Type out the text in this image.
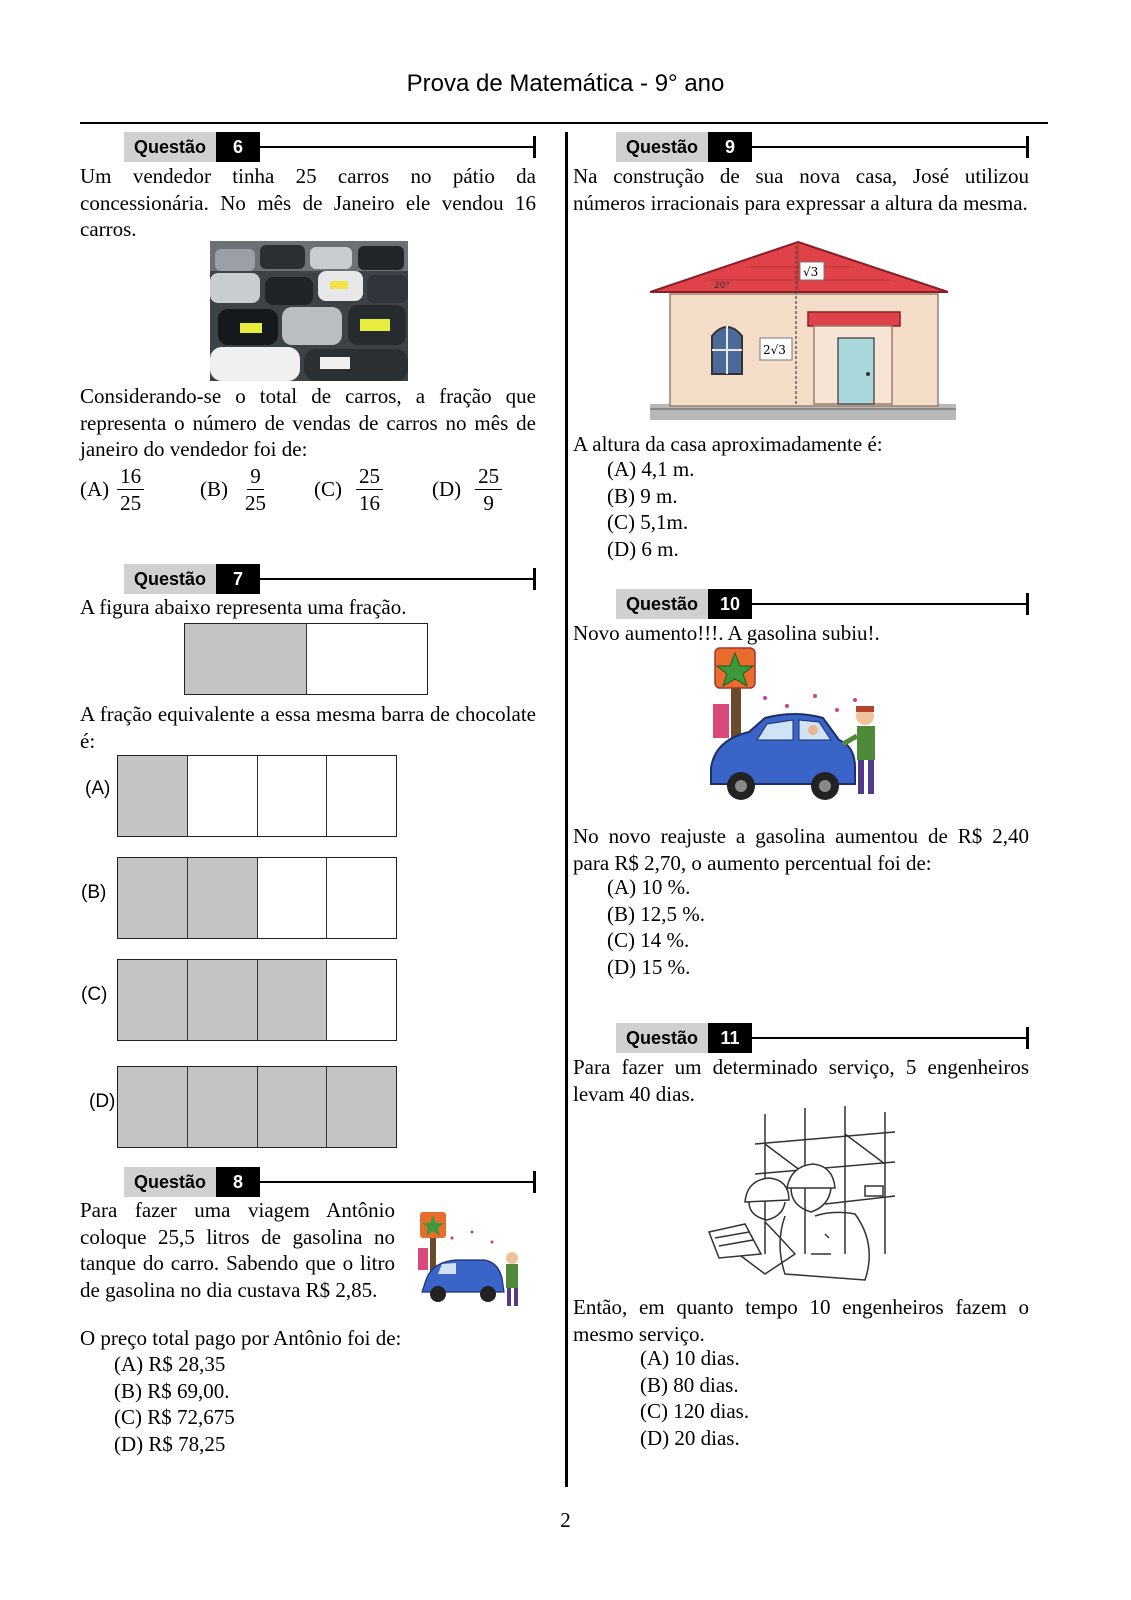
Prova de Matemática - 9° ano
Questão	6
Um vendedor tinha 25 carros no pátio da concessionária. No mês de Janeiro ele vendou 16 carros.
Considerando-se o total de carros, a fração que representa o número de vendas de carros no mês de janeiro do vendedor foi de:
$(A) \frac{16}{25}$	$(B) \frac{9}{25} (C) \frac{25}{16} (D) \frac{25}{9}$
Questão	7
A figura abaixo representa uma fração.
A fração equivalente a essa mesma barra de chocolate é:
(A)
(B)
(C)
(D)
Questão	8
Para fazer uma viagem Antônio coloque 25,5 litros de gasolina no tanque do carro. Sabendo que o litro de gasolina no dia custava R$ 2,85.
O preço total pago por Antônio foi de:
(A) R$ 28,35
(B) R$ 69,00.
(C) R$ 72,675
(D) R$ 78,25
Questão	9
Na construção de sua nova casa, José utilizou números irracionais para expressar a altura da mesma.
√3
2√3
20°
A altura da casa aproximadamente é:
(A) 4,1 m.
(B) 9 m.
(C) 5,1m.
(D) 6 m.
Questão	10
Novo aumento!!!. A gasolina subiu!.
No novo reajuste a gasolina aumentou de R$ 2,40 para R$ 2,70, o aumento percentual foi de:
(A) 10 %.
(B) 12,5 %.
(C) 14 %.
(D) 15 %.
Questão	11
Para fazer um determinado serviço, 5 engenheiros levam 40 dias.
Então, em quanto tempo 10 engenheiros fazem o mesmo serviço.
(A) 10 dias.
(B) 80 dias.
(C) 120 dias.
(D) 20 dias.
2
